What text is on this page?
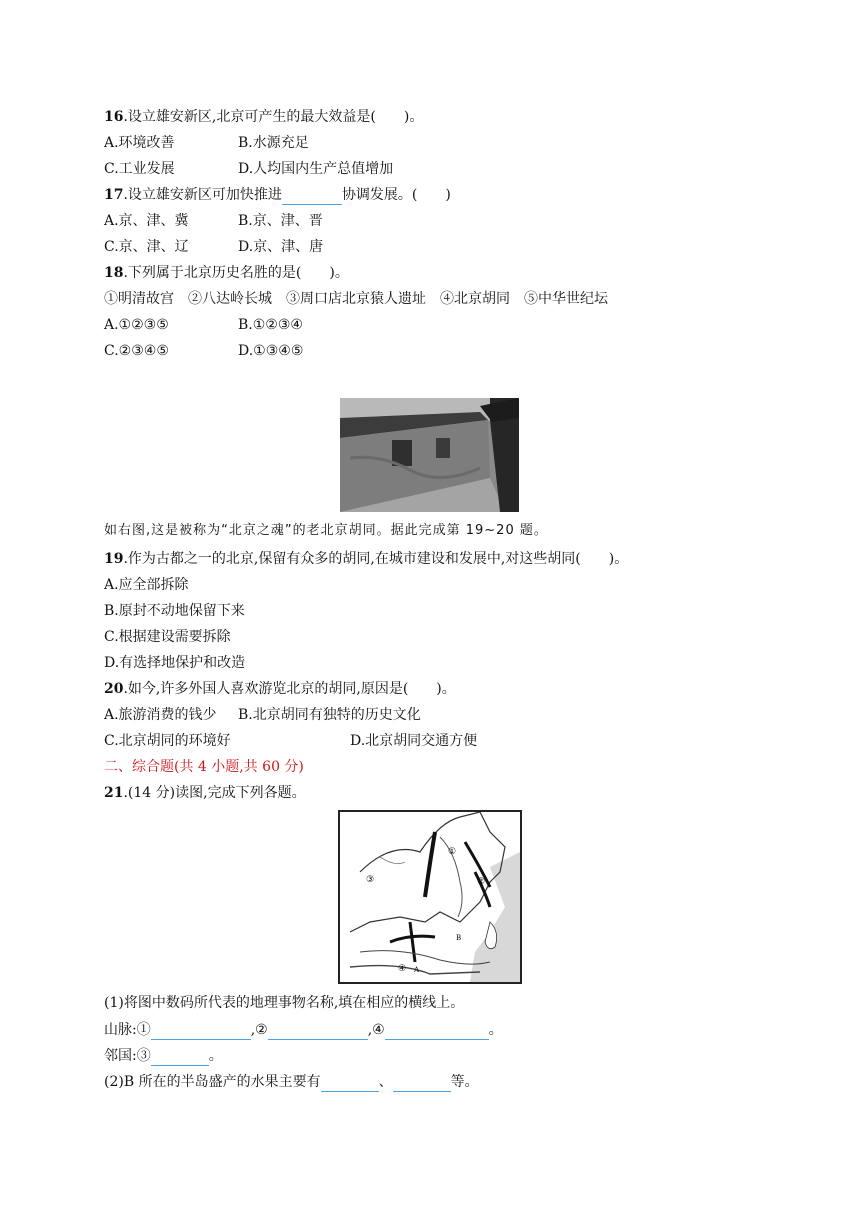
16.设立雄安新区,北京可产生的最大效益是( )。
A.环境改善	B.水源充足
C.工业发展	D.人均国内生产总值增加
17.设立雄安新区可加快推进	协调发展。( )
A.京、津、冀	B.京、津、晋
C.京、津、辽	D.京、津、唐
18.下列属于北京历史名胜的是( )。
①明清故宫　②八达岭长城　③周口店北京猿人遗址　④北京胡同　⑤中华世纪坛
A.①②③⑤	B.①②③④
C.②③④⑤	D.①③④⑤
如右图,这是被称为“北京之魂”的老北京胡同。据此完成第 19~20 题。
19.作为古都之一的北京,保留有众多的胡同,在城市建设和发展中,对这些胡同( )。
A.应全部拆除
B.原封不动地保留下来
C.根据建设需要拆除
D.有选择地保护和改造
20.如今,许多外国人喜欢游览北京的胡同,原因是( )。
A.旅游消费的钱少 B.北京胡同有独特的历史文化
C.北京胡同的环境好	D.北京胡同交通方便
二、综合题(共 4 小题,共 60 分)
21.(14 分)读图,完成下列各题。
①
②
③
④ A
B
(1)将图中数码所代表的地理事物名称,填在相应的横线上。
山脉:①	,②	,④	。
邻国:③	。
(2)B 所在的半岛盛产的水果主要有	、	等。
